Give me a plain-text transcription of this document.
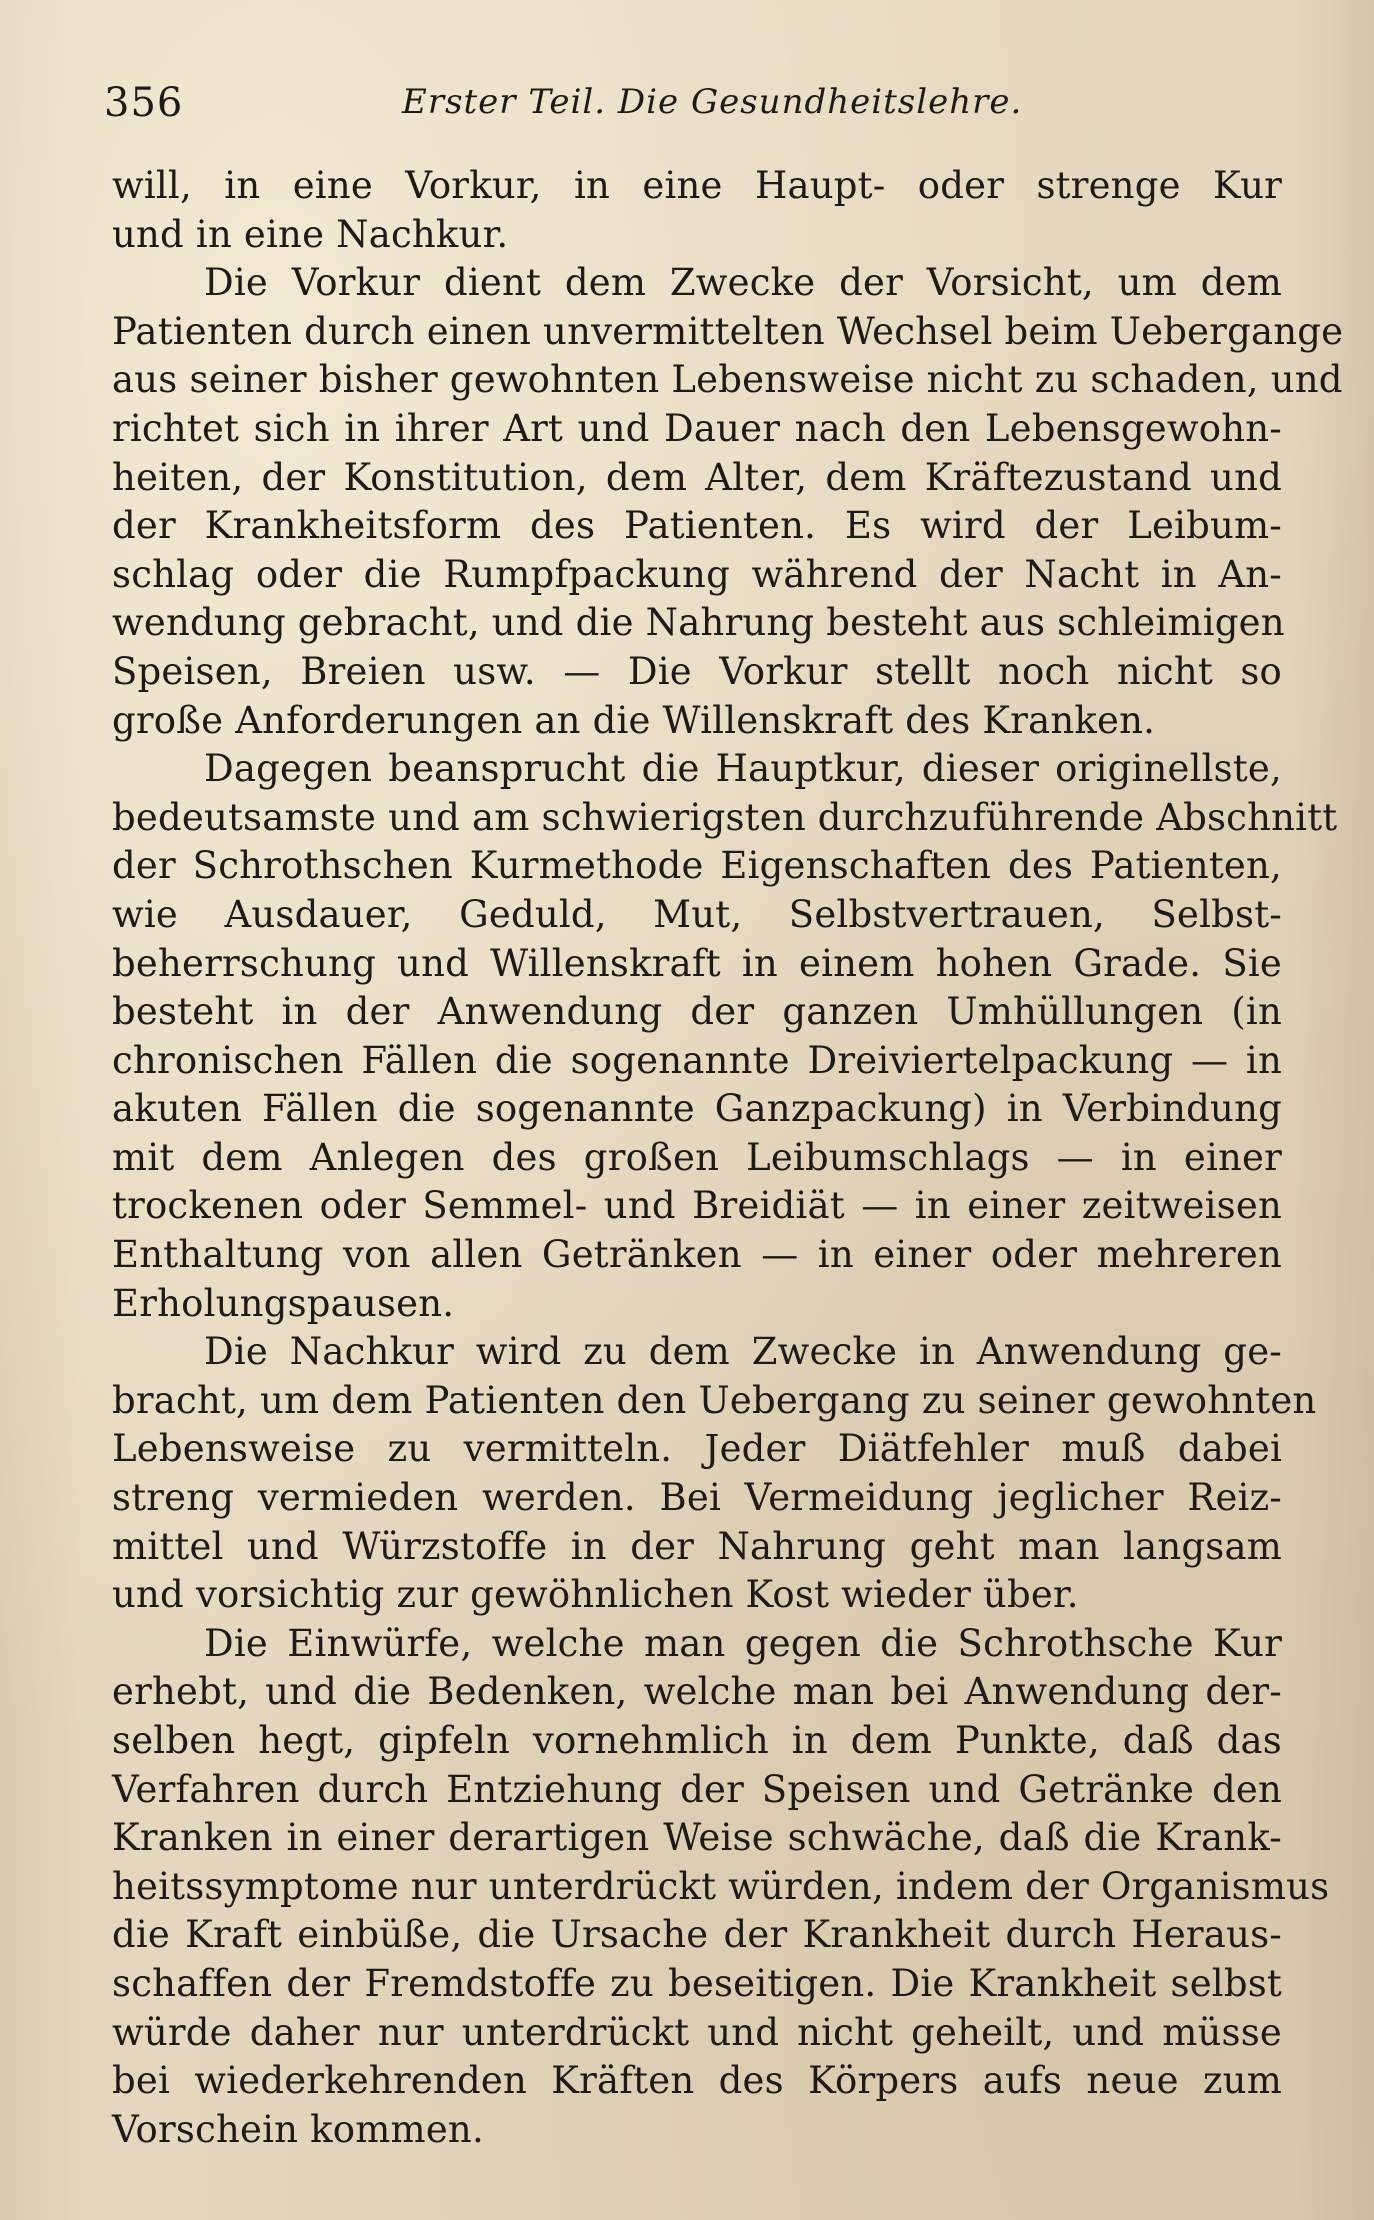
356	Erster Teil. Die Gesundheitslehre.
will, in eine Vorkur, in eine Haupt- oder strenge Kur
und in eine Nachkur.
Die Vorkur dient dem Zwecke der Vorsicht, um dem
Patienten durch einen unvermittelten Wechsel beim Uebergange
aus seiner bisher gewohnten Lebensweise nicht zu schaden, und
richtet sich in ihrer Art und Dauer nach den Lebensgewohn-
heiten, der Konstitution, dem Alter, dem Kräftezustand und
der Krankheitsform des Patienten. Es wird der Leibum-
schlag oder die Rumpfpackung während der Nacht in An-
wendung gebracht, und die Nahrung besteht aus schleimigen
Speisen, Breien usw. — Die Vorkur stellt noch nicht so
große Anforderungen an die Willenskraft des Kranken.
Dagegen beansprucht die Hauptkur, dieser originellste,
bedeutsamste und am schwierigsten durchzuführende Abschnitt
der Schrothschen Kurmethode Eigenschaften des Patienten,
wie Ausdauer, Geduld, Mut, Selbstvertrauen, Selbst-
beherrschung und Willenskraft in einem hohen Grade. Sie
besteht in der Anwendung der ganzen Umhüllungen (in
chronischen Fällen die sogenannte Dreiviertelpackung — in
akuten Fällen die sogenannte Ganzpackung) in Verbindung
mit dem Anlegen des großen Leibumschlags — in einer
trockenen oder Semmel- und Breidiät — in einer zeitweisen
Enthaltung von allen Getränken — in einer oder mehreren
Erholungspausen.
Die Nachkur wird zu dem Zwecke in Anwendung ge-
bracht, um dem Patienten den Uebergang zu seiner gewohnten
Lebensweise zu vermitteln. Jeder Diätfehler muß dabei
streng vermieden werden. Bei Vermeidung jeglicher Reiz-
mittel und Würzstoffe in der Nahrung geht man langsam
und vorsichtig zur gewöhnlichen Kost wieder über.
Die Einwürfe, welche man gegen die Schrothsche Kur
erhebt, und die Bedenken, welche man bei Anwendung der-
selben hegt, gipfeln vornehmlich in dem Punkte, daß das
Verfahren durch Entziehung der Speisen und Getränke den
Kranken in einer derartigen Weise schwäche, daß die Krank-
heitssymptome nur unterdrückt würden, indem der Organismus
die Kraft einbüße, die Ursache der Krankheit durch Heraus-
schaffen der Fremdstoffe zu beseitigen. Die Krankheit selbst
würde daher nur unterdrückt und nicht geheilt, und müsse
bei wiederkehrenden Kräften des Körpers aufs neue zum
Vorschein kommen.
